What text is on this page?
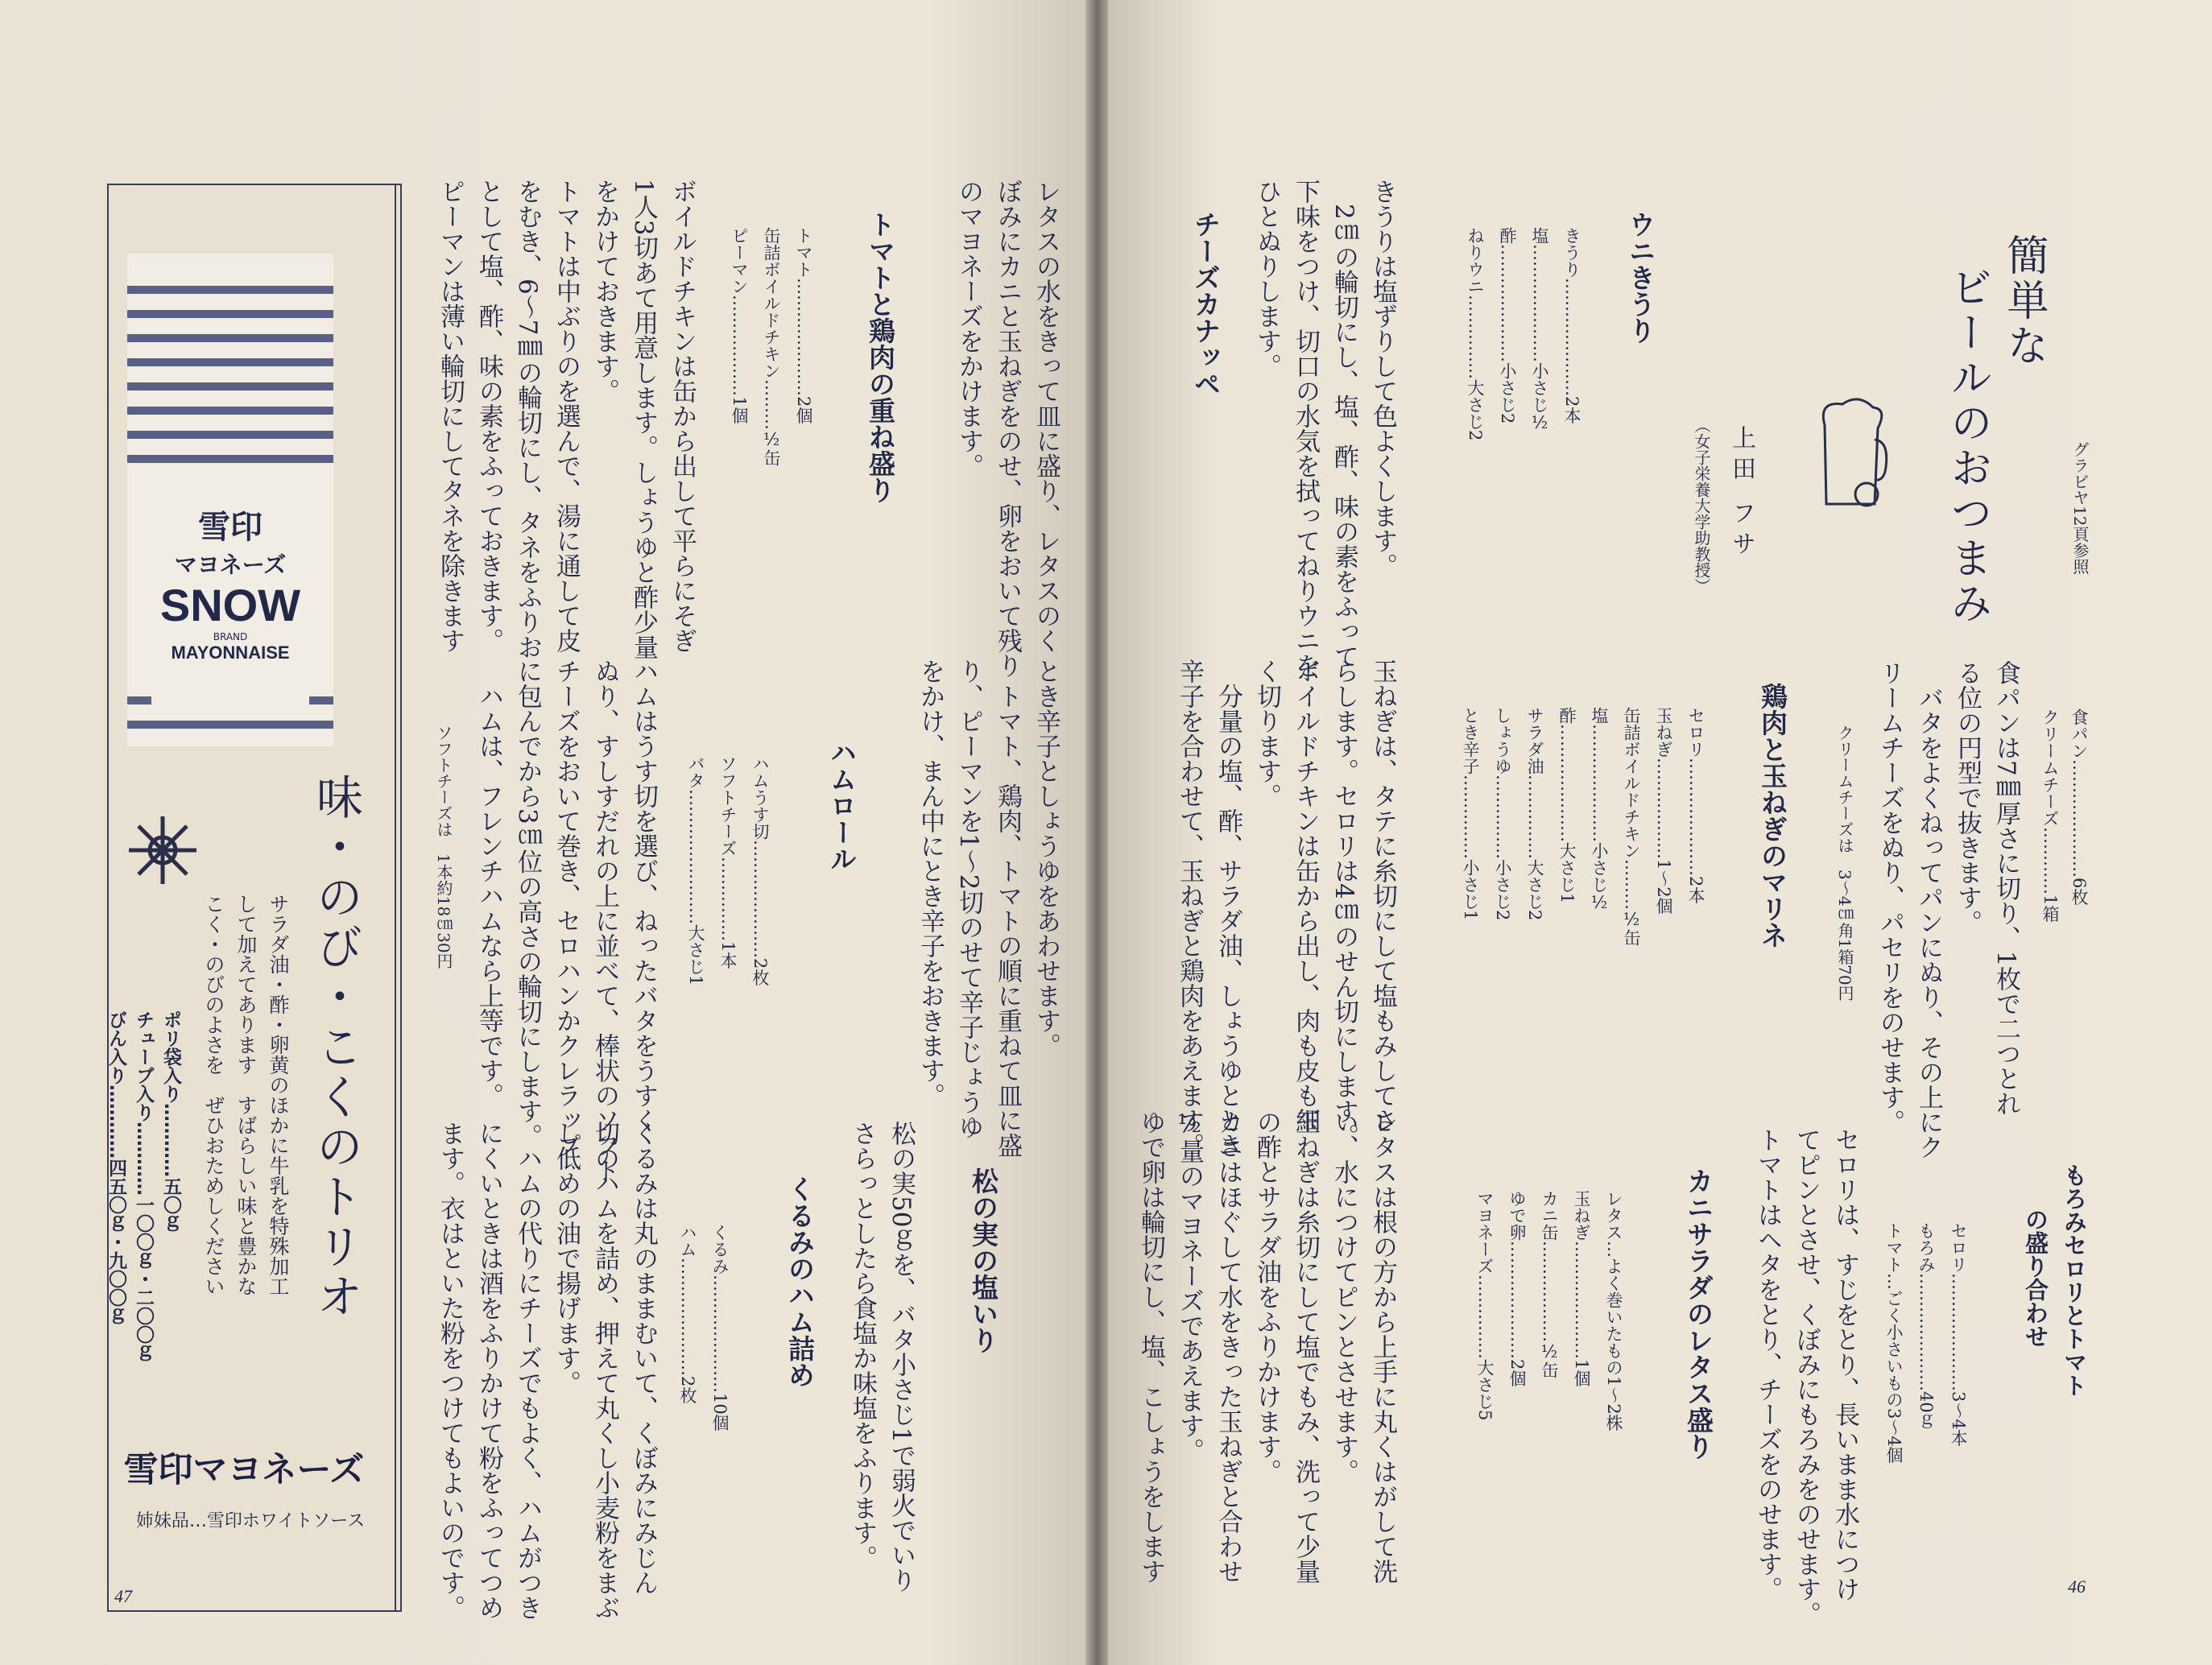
グラビヤ12頁参照
簡単な
ビールのおつまみ
上田 フサ
（女子栄養大学助教授）
食パン…………………6枚
クリームチーズ…………1箱
食パンは7㎜厚さに切り、1枚で二つとれ
る位の円型で抜きます。
　バタをよくねってパンにぬり、その上にク
リームチーズをぬり、パセリをのせます。
クリームチーズは　3〜4㎝角1箱70円
ウニきうり
きうり…………………2本
塩…………………小さじ½
酢…………………小さじ2
ねりウニ……………大さじ2
きうりは塩ずりして色よくします。
　2㎝の輪切にし、塩、酢、味の素をふって
下味をつけ、切口の水気を拭ってねりウニを
ひとぬりします。
チーズカナッペ
もろみセロリとトマト
の盛り合わせ
セロリ…………………3〜4本
もろみ…………………40ｇ
トマト…ごく小さいもの3〜4個
セロリは、すじをとり、長いまま水につけ
てピンとさせ、くぼみにもろみをのせます。
トマトはヘタをとり、チーズをのせます。
鶏肉と玉ねぎのマリネ
セロリ…………………2本
玉ねぎ………………1〜2個
缶詰ボイルドチキン………½缶
塩…………………小さじ½
酢…………………大さじ1
サラダ油……………大さじ2
しょうゆ……………小さじ2
とき辛子……………小さじ1
玉ねぎは、タテに糸切にして塩もみしてさ
らします。セロリは4㎝のせん切にします。
ボイルドチキンは缶から出し、肉も皮も細
く切ります。
　分量の塩、酢、サラダ油、しょうゆととき
辛子を合わせて、玉ねぎと鶏肉をあえます。
カニサラダのレタス盛り
レタス…よく巻いたもの1〜2株
玉ねぎ…………………1個
カニ缶………………½缶
ゆで卵…………………2個
マヨネーズ……………大さじ5
レタスは根の方から上手に丸くはがして洗
い、水につけてピンとさせます。
玉ねぎは糸切にして塩でもみ、洗って少量
の酢とサラダ油をふりかけます。
カニはほぐして水をきった玉ねぎと合わせ
½量のマヨネーズであえます。
ゆで卵は輪切にし、塩、こしょうをします
46
レタスの水をきって皿に盛り、レタスのく
ぼみにカニと玉ねぎをのせ、卵をおいて残り
のマヨネーズをかけます。
トマトと鶏肉の重ね盛り
トマト…………………2個
缶詰ボイルドチキン………½缶
ピーマン………………1個
ボイルドチキンは缶から出して平らにそぎ
1人3切あて用意します。しょうゆと酢少量
をかけておきます。
トマトは中ぶりのを選んで、湯に通して皮
をむき、6〜7㎜の輪切にし、タネをふりお
として塩、酢、味の素をふっておきます。
ピーマンは薄い輪切にしてタネを除きます
とき辛子としょうゆをあわせます。
　トマト、鶏肉、トマトの順に重ねて皿に盛
り、ピーマンを1〜2切のせて辛子じょうゆ
をかけ、まん中にとき辛子をおきます。
ハムロール
ハムうす切…………………2枚
ソフトチーズ……………1本
バタ……………………大さじ1
ハムはうす切を選び、ねったバタをうすく
ぬり、すしすだれの上に並べて、棒状のソフト
チーズをおいて巻き、セロハンかクレラップ
に包んでから3㎝位の高さの輪切にします。
　ハムは、フレンチハムなら上等です。
ソフトチーズは　1本約18㎝30円
松の実の塩いり
松の実50ｇを、バタ小さじ1で弱火でいり
さらっとしたら食塩か味塩をふります。
くるみのハム詰め
くるみ…………………10個
ハム…………………2枚
くるみは丸のままむいて、くぼみにみじん
切のハムを詰め、押えて丸くし小麦粉をまぶ
し低めの油で揚げます。
　ハムの代りにチーズでもよく、ハムがつき
にくいときは酒をふりかけて粉をふってつめ
ます。衣はといた粉をつけてもよいのです。
雪印
マヨネーズ
SNOW
BRAND
MAYONNAISE
味・のび・こくのトリオ
サラダ油・酢・卵黄のほかに牛乳を特殊加工
して加えてあります　すばらしい味と豊かな
こく・のびのよさを　ぜひおためしください
ポリ袋入り…………五〇ｇ
チューブ入り…………一〇〇ｇ・二〇〇ｇ
びん入り…………四五〇ｇ・九〇〇ｇ
雪印マヨネーズ
姉妹品…雪印ホワイトソース
47
